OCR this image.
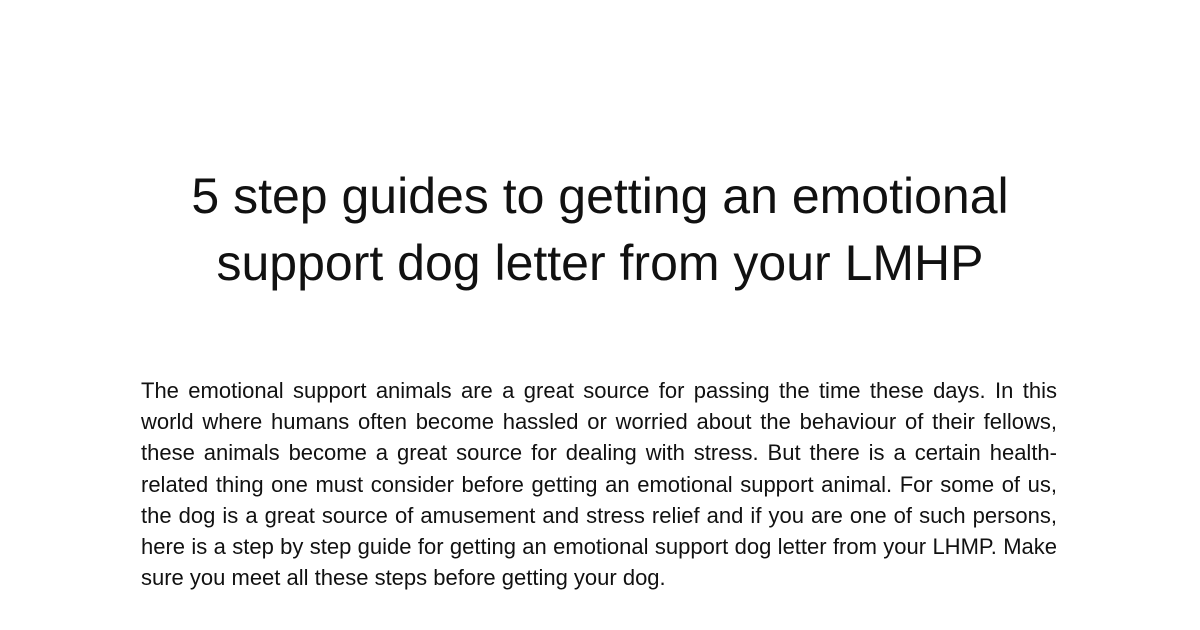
5 step guides to getting an emotional support dog letter from your LMHP

The emotional support animals are a great source for passing the time these days. In this world where humans often become hassled or worried about the behaviour of their fellows, these animals become a great source for dealing with stress. But there is a certain health-related thing one must consider before getting an emotional support animal. For some of us, the dog is a great source of amusement and stress relief and if you are one of such persons, here is a step by step guide for getting an emotional support dog letter from your LHMP. Make sure you meet all these steps before getting your dog.
